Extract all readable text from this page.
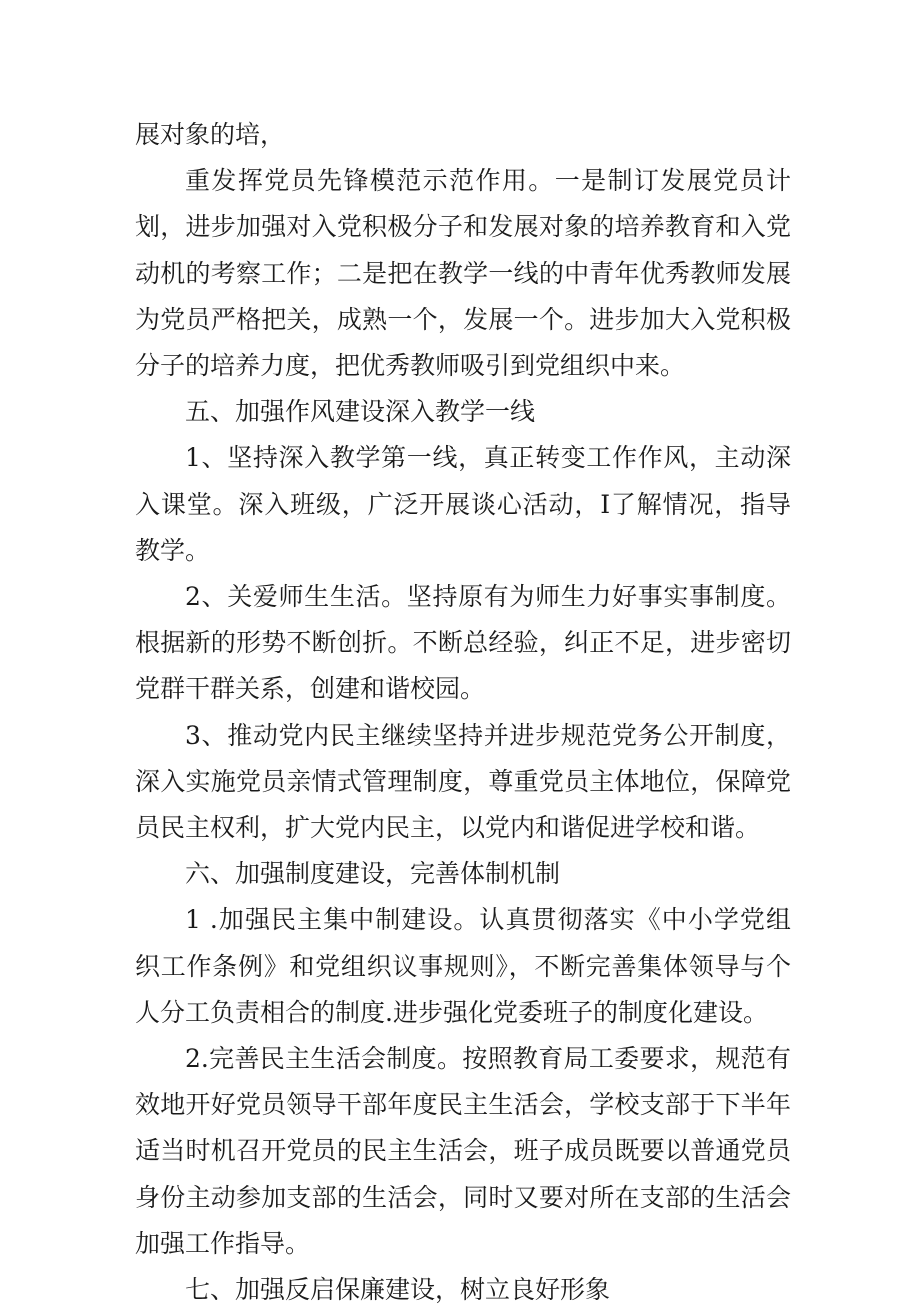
展对象的培，

重发挥党员先锋模范示范作用。一是制订发展党员计划，进步加强对入党积极分子和发展对象的培养教育和入党动机的考察工作；二是把在教学一线的中青年优秀教师发展为党员严格把关，成熟一个，发展一个。进步加大入党积极分子的培养力度，把优秀教师吸引到党组织中来。

五、加强作风建设深入教学一线

1、坚持深入教学第一线，真正转变工作作风，主动深入课堂。深入班级，广泛开展谈心活动，I了解情况，指导教学。

2、关爱师生生活。坚持原有为师生力好事实事制度。根据新的形势不断创折。不断总经验，纠正不足，进步密切党群干群关系，创建和谐校园。

3、推动党内民主继续坚持并进步规范党务公开制度，深入实施党员亲情式管理制度，尊重党员主体地位，保障党员民主权利，扩大党内民主，以党内和谐促进学校和谐。

六、加强制度建设，完善体制机制

1 .加强民主集中制建设。认真贯彻落实《中小学党组织工作条例》和党组织议事规则》，不断完善集体领导与个人分工负责相合的制度.进步强化党委班子的制度化建设。

2.完善民主生活会制度。按照教育局工委要求，规范有效地开好党员领导干部年度民主生活会，学校支部于下半年适当时机召开党员的民主生活会，班子成员既要以普通党员身份主动参加支部的生活会，同时又要对所在支部的生活会加强工作指导。

七、加强反启保廉建设，树立良好形象
